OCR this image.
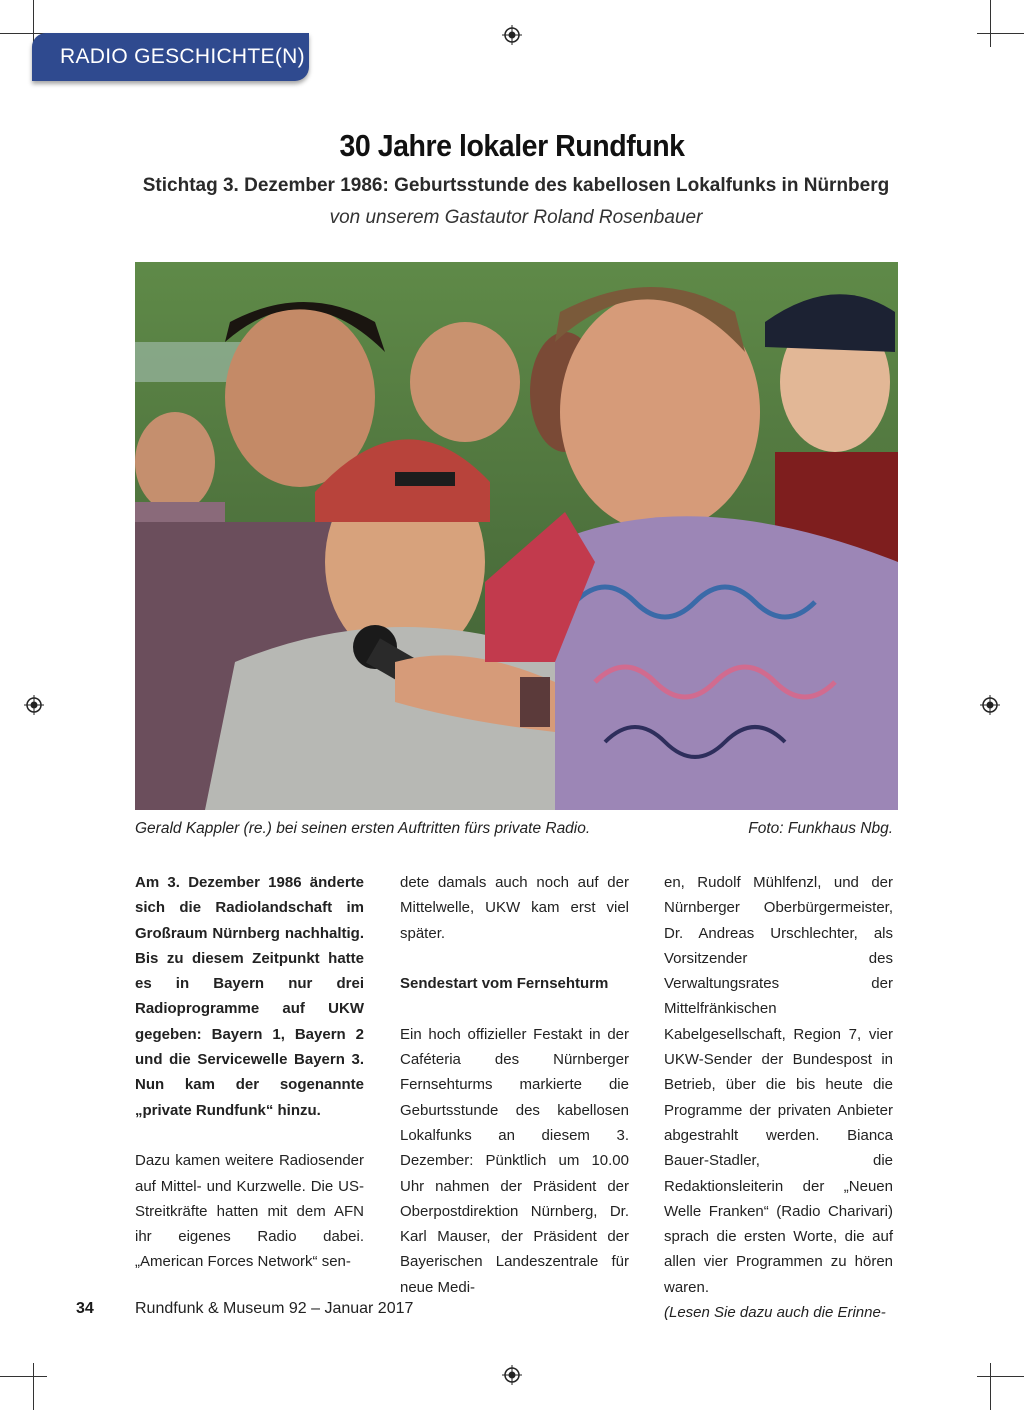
RADIO GESCHICHTE(N)
30 Jahre lokaler Rundfunk
Stichtag 3. Dezember 1986: Geburtsstunde des kabellosen Lokalfunks in Nürnberg
von unserem Gastautor Roland Rosenbauer
Gerald Kappler (re.) bei seinen ersten Auftritten fürs private Radio.	Foto: Funkhaus Nbg.

Am 3. Dezember 1986 änderte sich die Radiolandschaft im Großraum Nürnberg nachhaltig. Bis zu diesem Zeitpunkt hatte es in Bayern nur drei Radioprogramme auf UKW gegeben: Bayern 1, Bayern 2 und die Servicewelle Bayern 3. Nun kam der sogenannte „private Rundfunk“ hinzu.

Dazu kamen weitere Radiosender auf Mittel- und Kurzwelle. Die US-Streitkräfte hatten mit dem AFN ihr eigenes Radio dabei. „American Forces Network“ sen-

dete damals auch noch auf der Mittelwelle, UKW kam erst viel später.

Sendestart vom Fernsehturm

Ein hoch offizieller Festakt in der Caféteria des Nürnberger Fernsehturms markierte die Geburtsstunde des kabellosen Lokalfunks an diesem 3. Dezember: Pünktlich um 10.00 Uhr nahmen der Präsident der Oberpostdirektion Nürnberg, Dr. Karl Mauser, der Präsident der Bayerischen Landeszentrale für neue Medi-

en, Rudolf Mühlfenzl, und der Nürnberger Oberbürgermeister, Dr. Andreas Urschlechter, als Vorsitzender des Verwaltungsrates der Mittelfränkischen Kabelgesellschaft, Region 7, vier UKW-Sender der Bundespost in Betrieb, über die bis heute die Programme der privaten Anbieter abgestrahlt werden. Bianca Bauer-Stadler, die Redaktionsleiterin der „Neuen Welle Franken“ (Radio Charivari) sprach die ersten Worte, die auf allen vier Programmen zu hören waren.

(Lesen Sie dazu auch die Erinne-

34	Rundfunk & Museum 92 – Januar 2017
